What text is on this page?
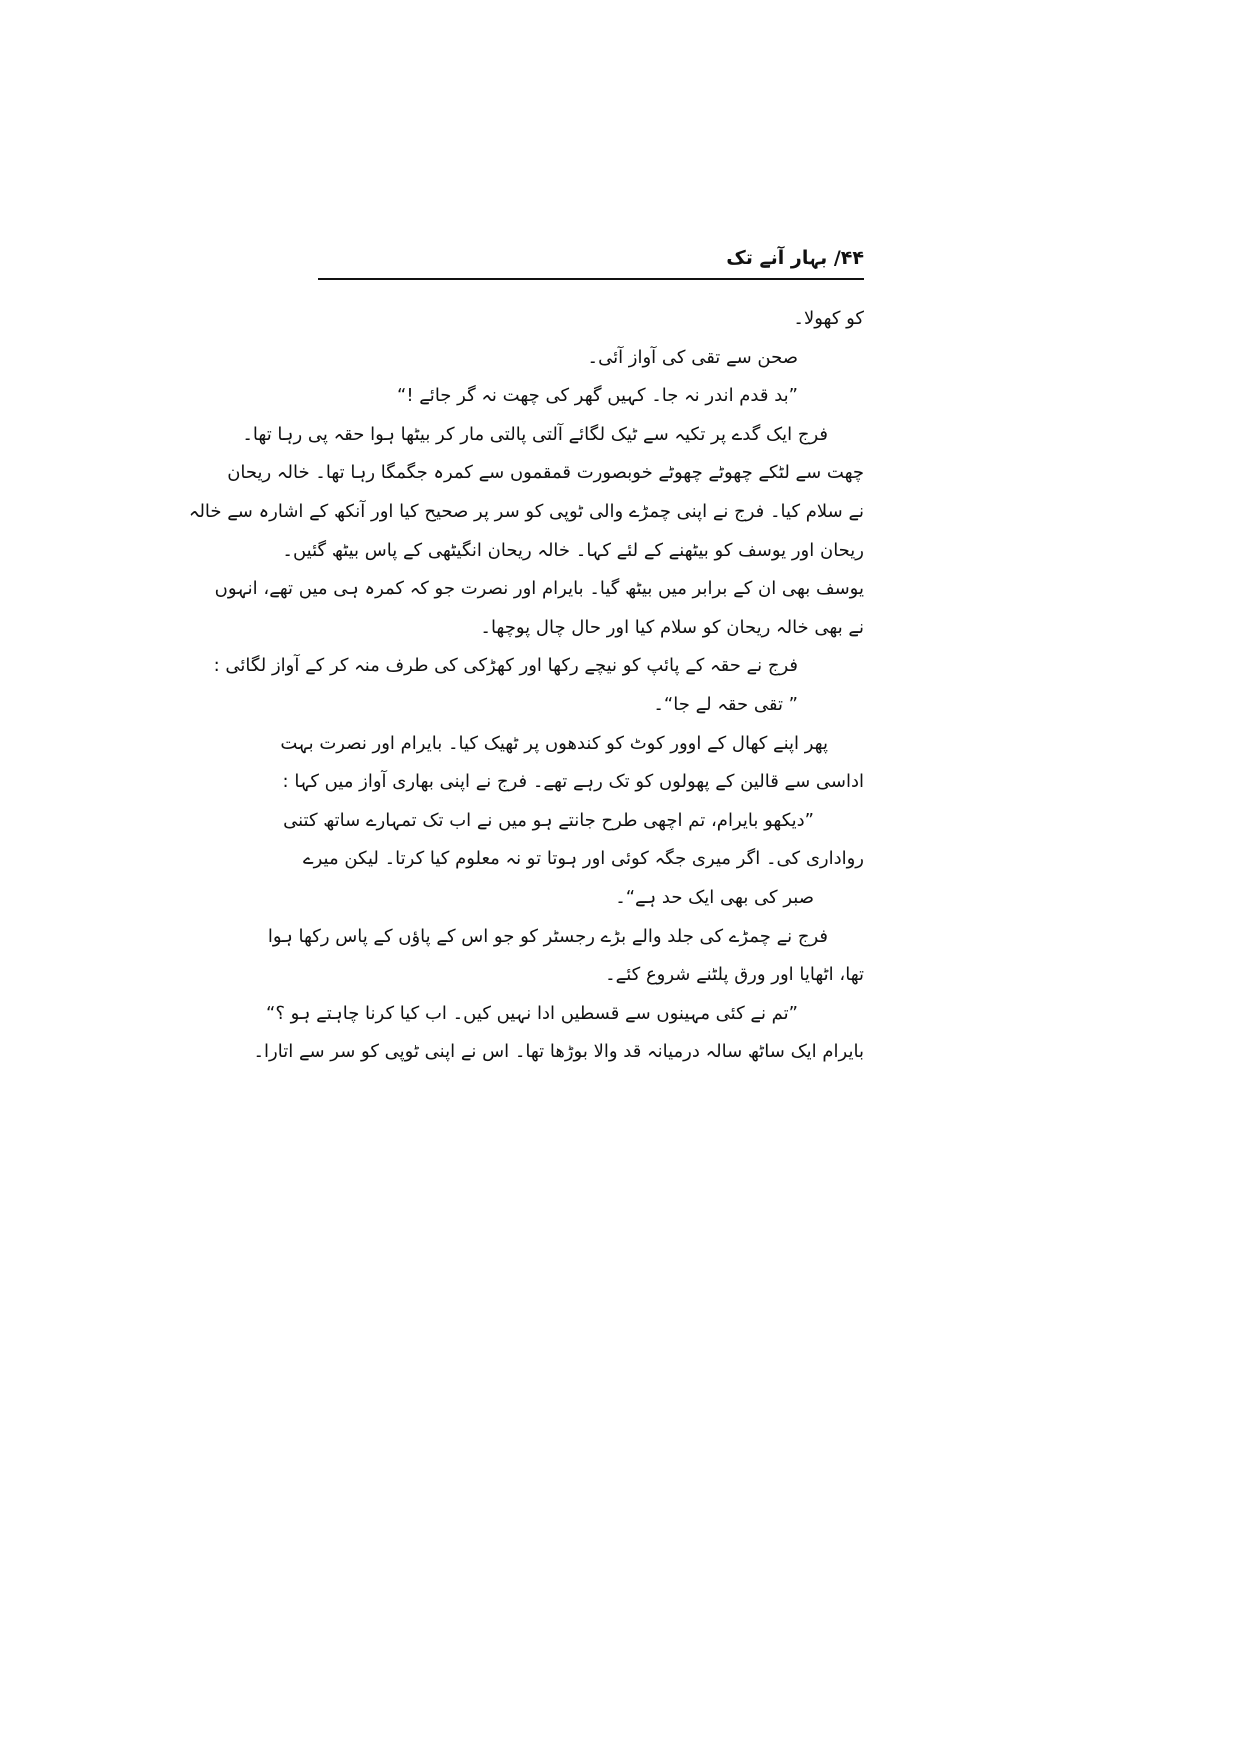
۴۴/ بہار آنے تک
کو کھولا۔
صحن سے تقی کی آواز آئی۔
”بد قدم اندر نہ جا۔ کہیں گھر کی چھت نہ گر جائے !“
فرج ایک گدے پر تکیہ سے ٹیک لگائے آلتی پالتی مار کر بیٹھا ہوا حقہ پی رہا تھا۔
چھت سے لٹکے چھوٹے چھوٹے خوبصورت قمقموں سے کمرہ جگمگا رہا تھا۔ خالہ ریحان
نے سلام کیا۔ فرج نے اپنی چمڑے والی ٹوپی کو سر پر صحیح کیا اور آنکھ کے اشارہ سے خالہ
ریحان اور یوسف کو بیٹھنے کے لئے کہا۔ خالہ ریحان انگیٹھی کے پاس بیٹھ گئیں۔
یوسف بھی ان کے برابر میں بیٹھ گیا۔ بایرام اور نصرت جو کہ کمرہ ہی میں تھے، انہوں
نے بھی خالہ ریحان کو سلام کیا اور حال چال پوچھا۔
فرج نے حقہ کے پائپ کو نیچے رکھا اور کھڑکی کی طرف منہ کر کے آواز لگائی :
” تقی حقہ لے جا“۔
پھر اپنے کھال کے اوور کوٹ کو کندھوں پر ٹھیک کیا۔ بایرام اور نصرت بہت
اداسی سے قالین کے پھولوں کو تک رہے تھے۔ فرج نے اپنی بھاری آواز میں کہا :
”دیکھو بایرام، تم اچھی طرح جانتے ہو میں نے اب تک تمہارے ساتھ کتنی
رواداری کی۔ اگر میری جگہ کوئی اور ہوتا تو نہ معلوم کیا کرتا۔ لیکن میرے
صبر کی بھی ایک حد ہے“۔
فرج نے چمڑے کی جلد والے بڑے رجسٹر کو جو اس کے پاؤں کے پاس رکھا ہوا
تھا، اٹھایا اور ورق پلٹنے شروع کئے۔
”تم نے کئی مہینوں سے قسطیں ادا نہیں کیں۔ اب کیا کرنا چاہتے ہو ؟“
بایرام ایک ساٹھ سالہ درمیانہ قد والا بوڑھا تھا۔ اس نے اپنی ٹوپی کو سر سے اتارا۔
